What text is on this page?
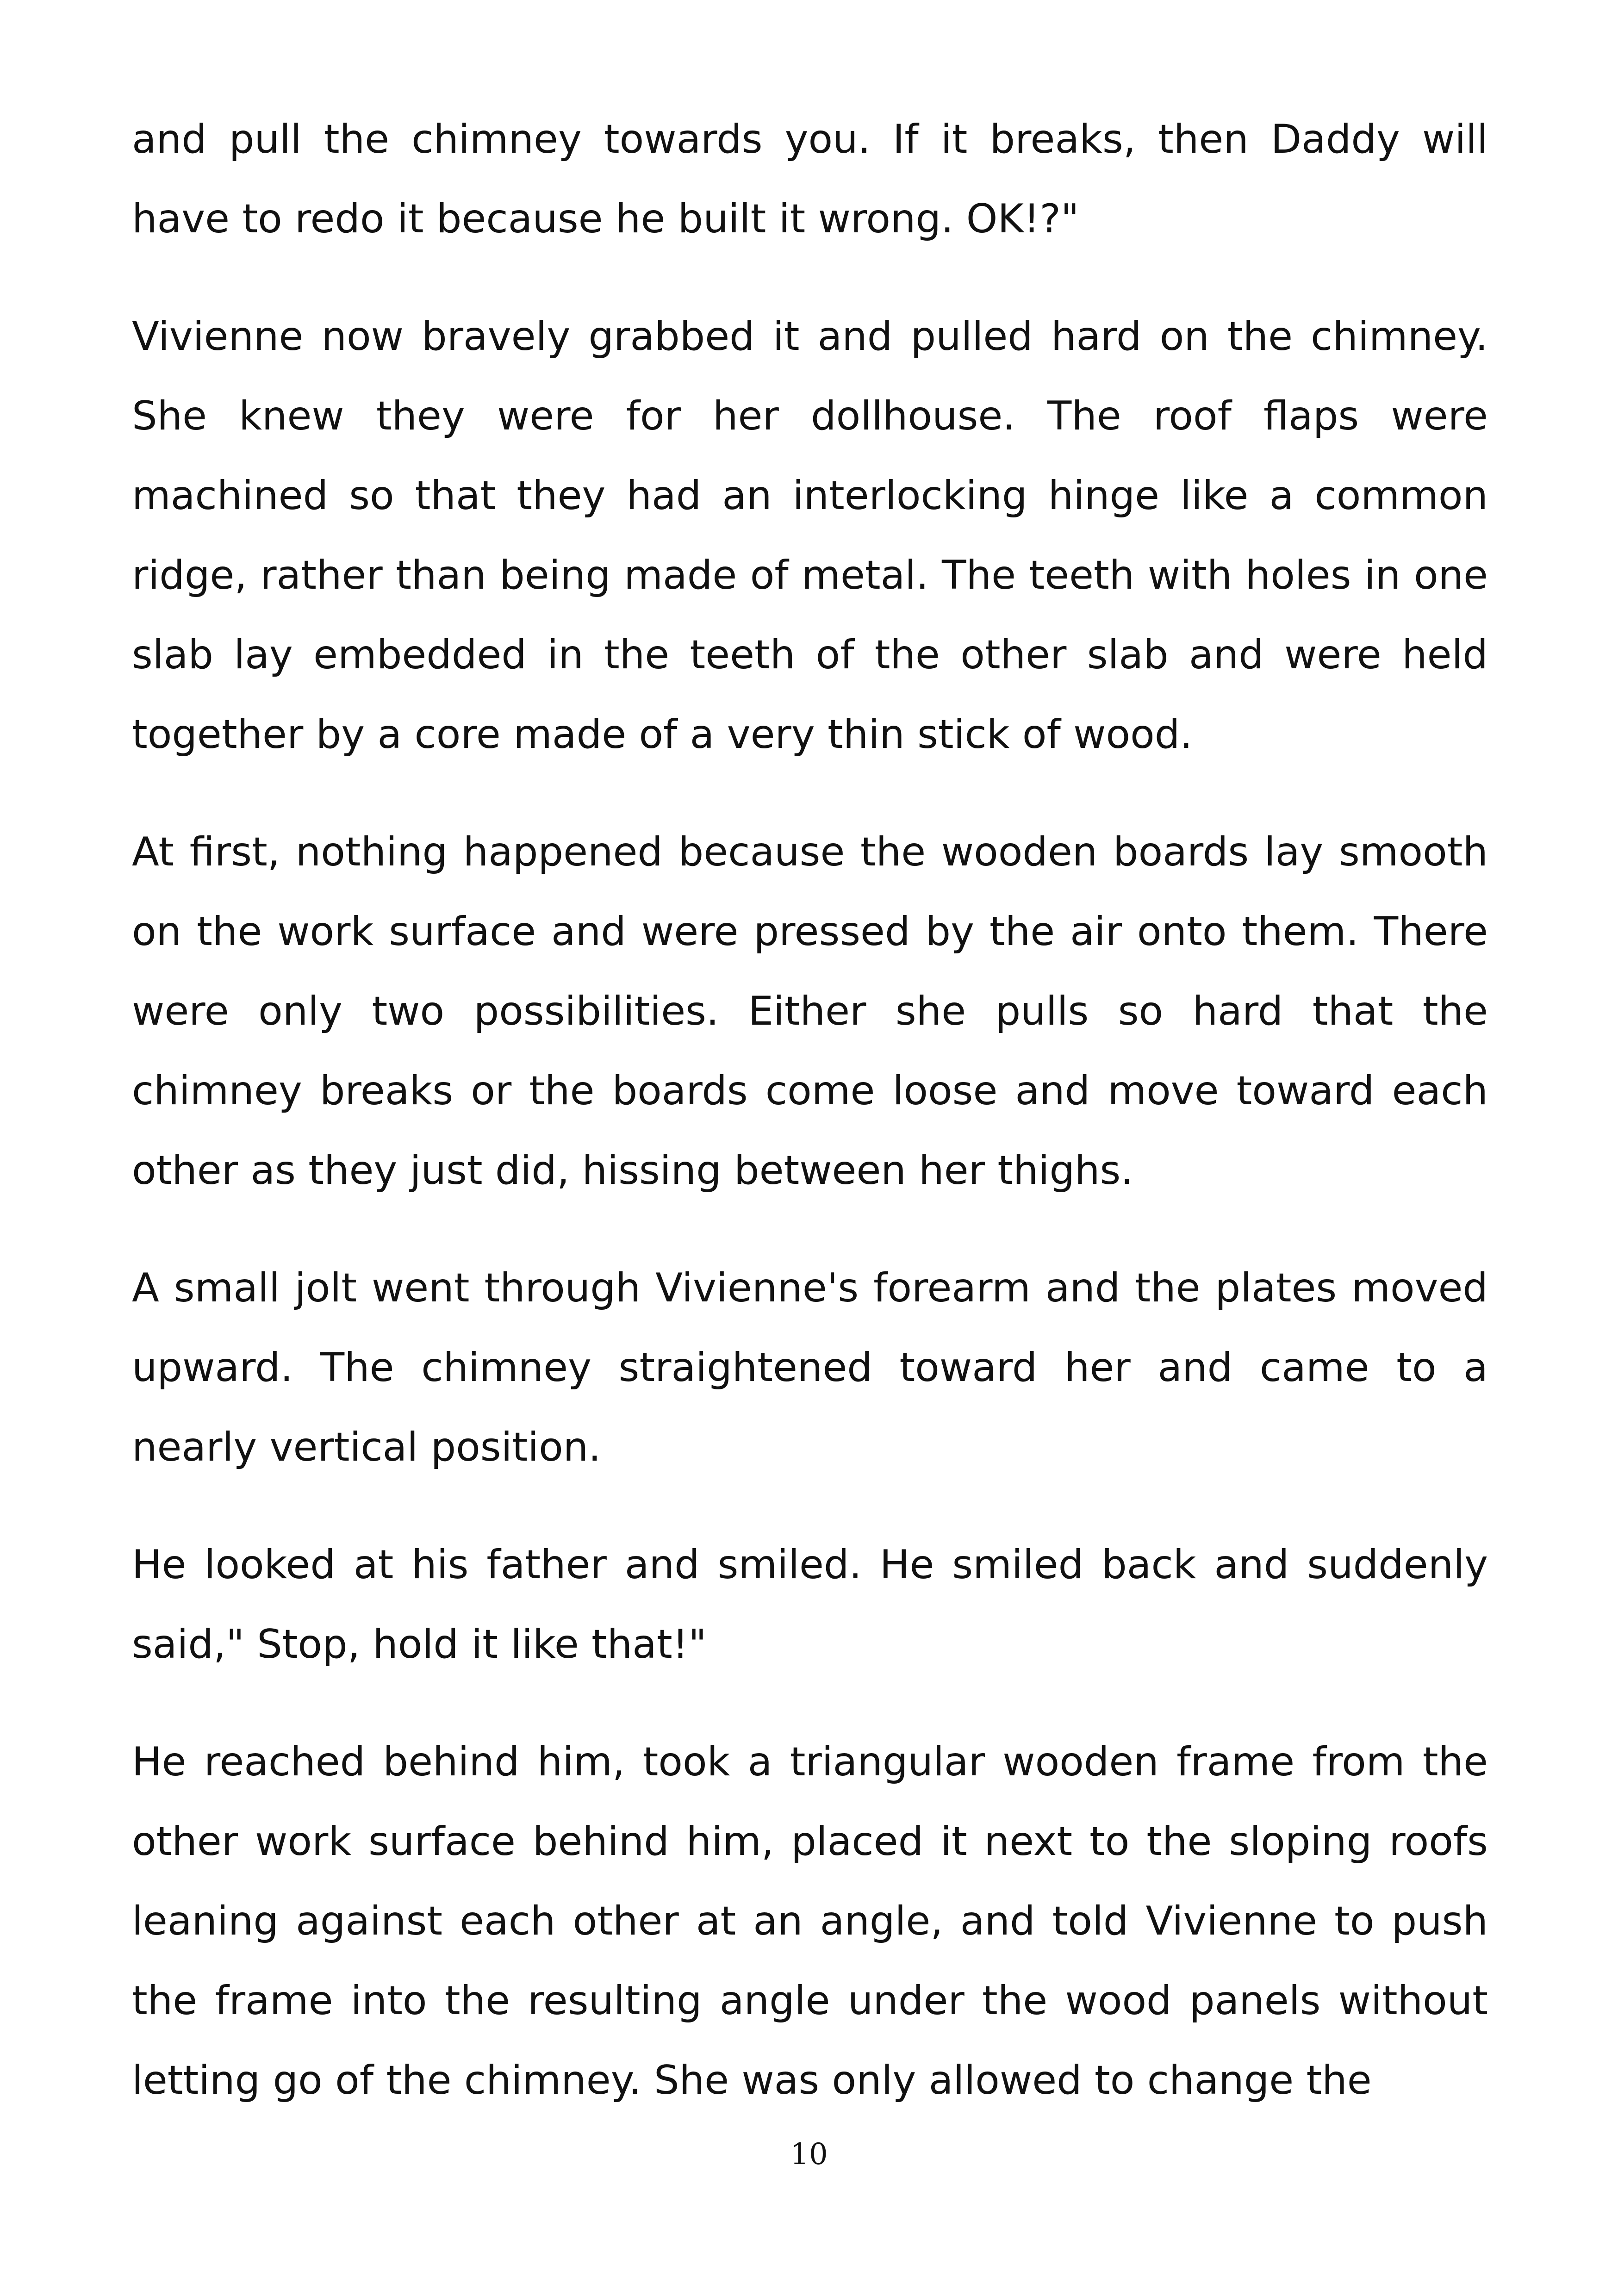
and pull the chimney towards you. If it breaks, then Daddy will have to redo it because he built it wrong. OK!?"

Vivienne now bravely grabbed it and pulled hard on the chimney. She knew they were for her dollhouse. The roof flaps were machined so that they had an interlocking hinge like a common ridge, rather than being made of metal. The teeth with holes in one slab lay embedded in the teeth of the other slab and were held together by a core made of a very thin stick of wood.

At first, nothing happened because the wooden boards lay smooth on the work surface and were pressed by the air onto them. There were only two possibilities. Either she pulls so hard that the chimney breaks or the boards come loose and move toward each other as they just did, hissing between her thighs.

A small jolt went through Vivienne's forearm and the plates moved upward. The chimney straightened toward her and came to a nearly vertical position.

He looked at his father and smiled. He smiled back and suddenly said," Stop, hold it like that!"

He reached behind him, took a triangular wooden frame from the other work surface behind him, placed it next to the sloping roofs leaning against each other at an angle, and told Vivienne to push the frame into the resulting angle under the wood panels without letting go of the chimney. She was only allowed to change the

10
